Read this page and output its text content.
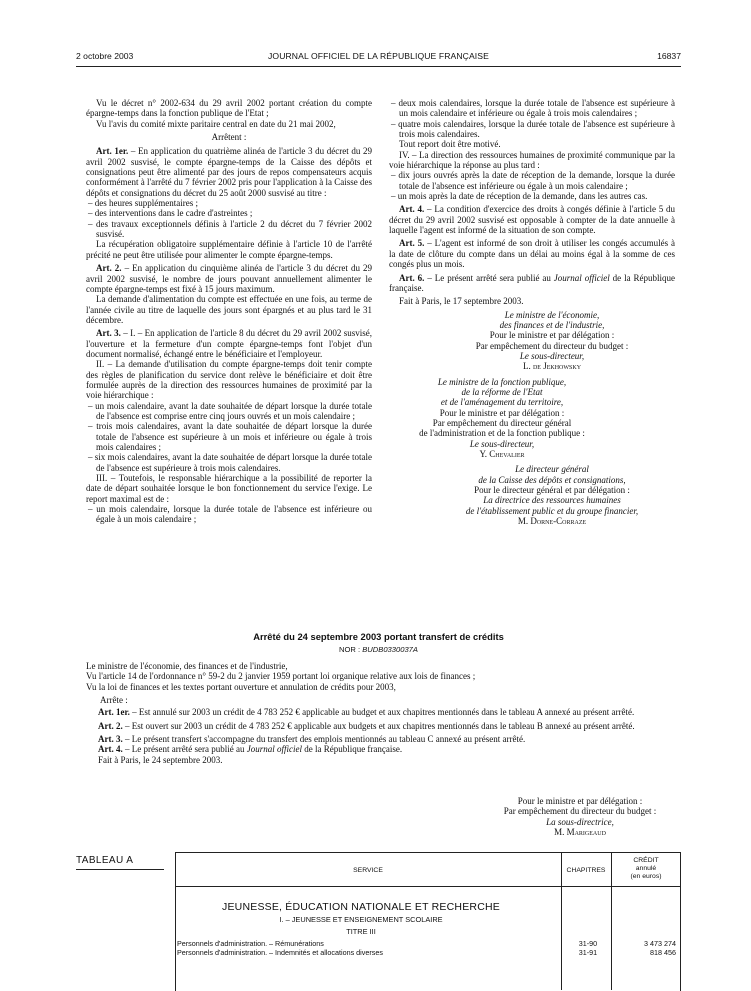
2 octobre 2003	JOURNAL OFFICIEL DE LA RÉPUBLIQUE FRANÇAISE	16837

Vu le décret n° 2002-634 du 29 avril 2002 portant création du compte épargne-temps dans la fonction publique de l'Etat ;

Vu l'avis du comité mixte paritaire central en date du 21 mai 2002,

Arrêtent :

Art. 1er. – En application du quatrième alinéa de l'article 3 du décret du 29 avril 2002 susvisé, le compte épargne-temps de la Caisse des dépôts et consignations peut être alimenté par des jours de repos compensateurs acquis conformément à l'arrêté du 7 février 2002 pris pour l'application à la Caisse des dépôts et consignations du décret du 25 août 2000 susvisé au titre :

– des heures supplémentaires ;

– des interventions dans le cadre d'astreintes ;

– des travaux exceptionnels définis à l'article 2 du décret du 7 février 2002 susvisé.

La récupération obligatoire supplémentaire définie à l'article 10 de l'arrêté précité ne peut être utilisée pour alimenter le compte épargne-temps.

Art. 2. – En application du cinquième alinéa de l'article 3 du décret du 29 avril 2002 susvisé, le nombre de jours pouvant annuellement alimenter le compte épargne-temps est fixé à 15 jours maximum.

La demande d'alimentation du compte est effectuée en une fois, au terme de l'année civile au titre de laquelle des jours sont épargnés et au plus tard le 31 décembre.

Art. 3. – I. – En application de l'article 8 du décret du 29 avril 2002 susvisé, l'ouverture et la fermeture d'un compte épargne-temps font l'objet d'un document normalisé, échangé entre le bénéficiaire et l'employeur.

II. – La demande d'utilisation du compte épargne-temps doit tenir compte des règles de planification du service dont relève le bénéficiaire et doit être formulée auprès de la direction des ressources humaines de proximité par la voie hiérarchique :

– un mois calendaire, avant la date souhaitée de départ lorsque la durée totale de l'absence est comprise entre cinq jours ouvrés et un mois calendaire ;

– trois mois calendaires, avant la date souhaitée de départ lorsque la durée totale de l'absence est supérieure à un mois et inférieure ou égale à trois mois calendaires ;

– six mois calendaires, avant la date souhaitée de départ lorsque la durée totale de l'absence est supérieure à trois mois calendaires.

III. – Toutefois, le responsable hiérarchique a la possibilité de reporter la date de départ souhaitée lorsque le bon fonctionnement du service l'exige. Le report maximal est de :

– un mois calendaire, lorsque la durée totale de l'absence est inférieure ou égale à un mois calendaire ;

– deux mois calendaires, lorsque la durée totale de l'absence est supérieure à un mois calendaire et inférieure ou égale à trois mois calendaires ;

– quatre mois calendaires, lorsque la durée totale de l'absence est supérieure à trois mois calendaires.

Tout report doit être motivé.

IV. – La direction des ressources humaines de proximité communique par la voie hiérarchique la réponse au plus tard :

– dix jours ouvrés après la date de réception de la demande, lorsque la durée totale de l'absence est inférieure ou égale à un mois calendaire ;

– un mois après la date de réception de la demande, dans les autres cas.

Art. 4. – La condition d'exercice des droits à congés définie à l'article 5 du décret du 29 avril 2002 susvisé est opposable à compter de la date annuelle à laquelle l'agent est informé de la situation de son compte.

Art. 5. – L'agent est informé de son droit à utiliser les congés accumulés à la date de clôture du compte dans un délai au moins égal à la somme de ces congés plus un mois.

Art. 6. – Le présent arrêté sera publié au Journal officiel de la République française.

Fait à Paris, le 17 septembre 2003.

Le ministre de l'économie,

des finances et de l'industrie,

Pour le ministre et par délégation :

Par empêchement du directeur du budget :

Le sous-directeur,

L. de Jekhowsky

Le ministre de la fonction publique,

de la réforme de l'Etat

et de l'aménagement du territoire,

Pour le ministre et par délégation :

Par empêchement du directeur général

de l'administration et de la fonction publique :

Le sous-directeur,

Y. Chevalier

Le directeur général

de la Caisse des dépôts et consignations,

Pour le directeur général et par délégation :

La directrice des ressources humaines

de l'établissement public et du groupe financier,

M. Dorne-Corraze

Arrêté du 24 septembre 2003 portant transfert de crédits
NOR : BUDB0330037A

Le ministre de l'économie, des finances et de l'industrie,

Vu l'article 14 de l'ordonnance n° 59-2 du 2 janvier 1959 portant loi organique relative aux lois de finances ;

Vu la loi de finances et les textes portant ouverture et annulation de crédits pour 2003,

Arrête :

Art. 1er. – Est annulé sur 2003 un crédit de 4 783 252 € applicable au budget et aux chapitres mentionnés dans le tableau A annexé au présent arrêté.

Art. 2. – Est ouvert sur 2003 un crédit de 4 783 252 € applicable aux budgets et aux chapitres mentionnés dans le tableau B annexé au présent arrêté.

Art. 3. – Le présent transfert s'accompagne du transfert des emplois mentionnés au tableau C annexé au présent arrêté.

Art. 4. – Le présent arrêté sera publié au Journal officiel de la République française.

Fait à Paris, le 24 septembre 2003.

Pour le ministre et par délégation :

Par empêchement du directeur du budget :

La sous-directrice,

M. Marigeaud

TABLEAU A
SERVICE	CHAPITRES
CRÉDIT
annulé
(en euros)
JEUNESSE, ÉDUCATION NATIONALE ET RECHERCHE
I. – JEUNESSE ET ENSEIGNEMENT SCOLAIRE
TITRE III
Personnels d'administration. – Rémunérations	31-90	3 473 274
Personnels d'administration. – Indemnités et allocations diverses	31-91	818 456
